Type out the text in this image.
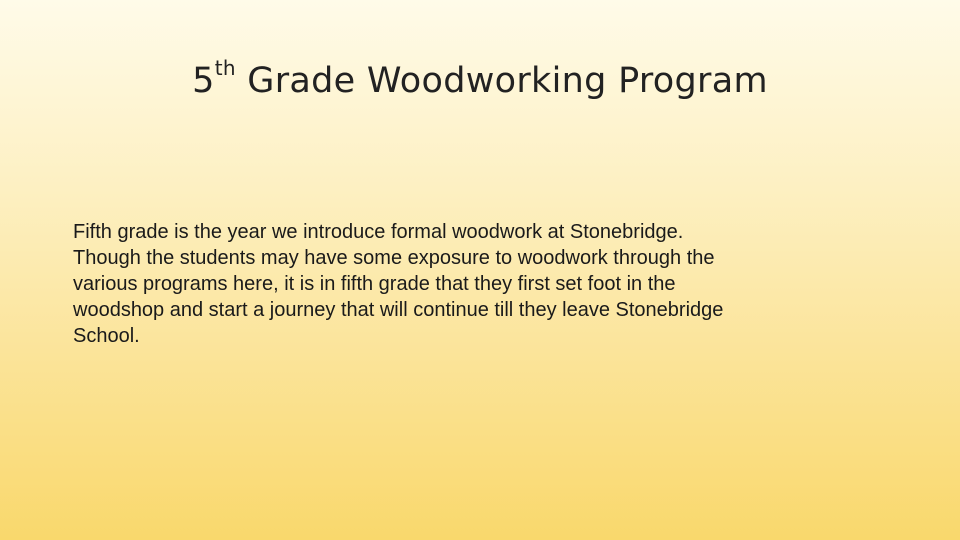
5th Grade Woodworking Program

Fifth grade is the year we introduce formal woodwork at Stonebridge.
Though the students may have some exposure to woodwork through the
various programs here, it is in fifth grade that they first set foot in the
woodshop and start a journey that will continue till they leave Stonebridge
School.
